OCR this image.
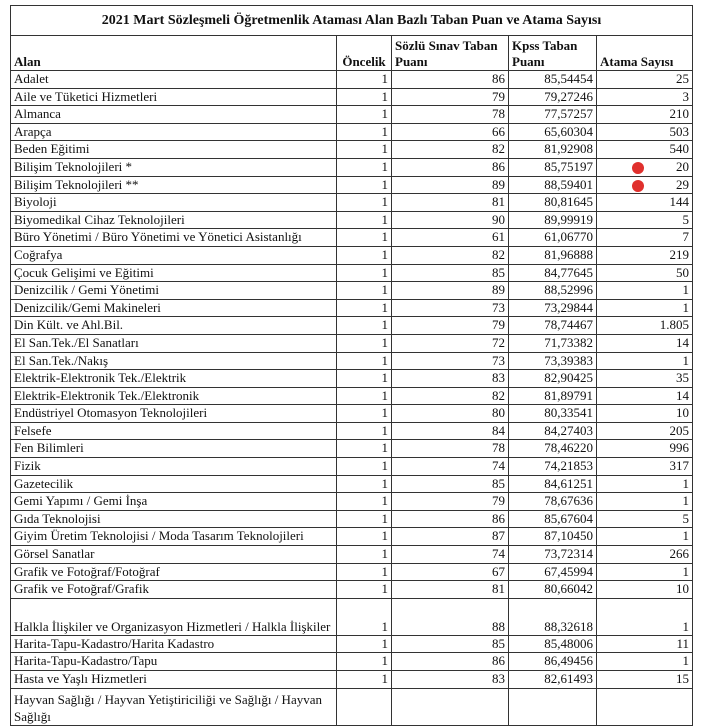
2021 Mart Sözleşmeli Öğretmenlik Ataması Alan Bazlı Taban Puan ve Atama Sayısı				
Alan	Öncelik	Sözlü Sınav Taban Puanı	Kpss Taban Puanı	Atama Sayısı
Adalet	1	86	85,54454	25
Aile ve Tüketici Hizmetleri	1	79	79,27246	3
Almanca	1	78	77,57257	210
Arapça	1	66	65,60304	503
Beden Eğitimi	1	82	81,92908	540
Bilişim Teknolojileri *	1	86	85,75197	20
Bilişim Teknolojileri **	1	89	88,59401	29
Biyoloji	1	81	80,81645	144
Biyomedikal Cihaz Teknolojileri	1	90	89,99919	5
Büro Yönetimi / Büro Yönetimi ve Yönetici Asistanlığı	1	61	61,06770	7
Coğrafya	1	82	81,96888	219
Çocuk Gelişimi ve Eğitimi	1	85	84,77645	50
Denizcilik / Gemi Yönetimi	1	89	88,52996	1
Denizcilik/Gemi Makineleri	1	73	73,29844	1
Din Kült. ve Ahl.Bil.	1	79	78,74467	1.805
El San.Tek./El Sanatları	1	72	71,73382	14
El San.Tek./Nakış	1	73	73,39383	1
Elektrik-Elektronik Tek./Elektrik	1	83	82,90425	35
Elektrik-Elektronik Tek./Elektronik	1	82	81,89791	14
Endüstriyel Otomasyon Teknolojileri	1	80	80,33541	10
Felsefe	1	84	84,27403	205
Fen Bilimleri	1	78	78,46220	996
Fizik	1	74	74,21853	317
Gazetecilik	1	85	84,61251	1
Gemi Yapımı / Gemi İnşa	1	79	78,67636	1
Gıda Teknolojisi	1	86	85,67604	5
Giyim Üretim Teknolojisi / Moda Tasarım Teknolojileri	1	87	87,10450	1
Görsel Sanatlar	1	74	73,72314	266
Grafik ve Fotoğraf/Fotoğraf	1	67	67,45994	1
Grafik ve Fotoğraf/Grafik	1	81	80,66042	10
Halkla İlişkiler ve Organizasyon Hizmetleri / Halkla İlişkiler	1	88	88,32618	1
Harita-Tapu-Kadastro/Harita Kadastro	1	85	85,48006	11
Harita-Tapu-Kadastro/Tapu	1	86	86,49456	1
Hasta ve Yaşlı Hizmetleri	1	83	82,61493	15
Hayvan Sağlığı / Hayvan Yetiştiriciliği ve Sağlığı / Hayvan Sağlığı				
